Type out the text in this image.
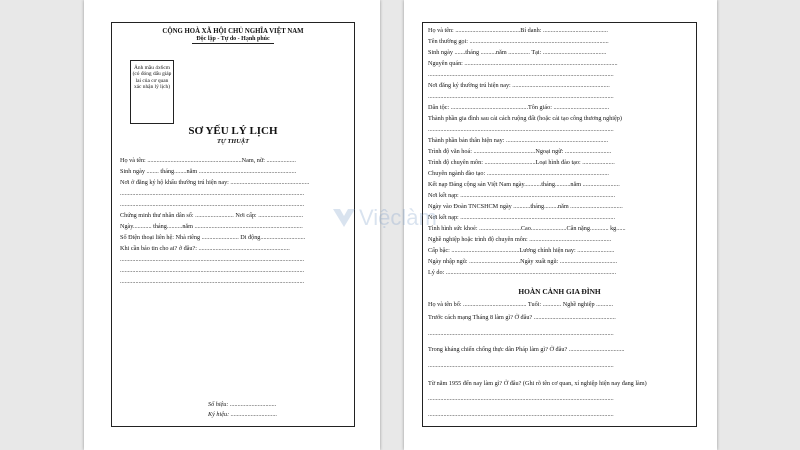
CỘNG HOÀ XÃ HỘI CHỦ NGHĨA VIỆT NAM
Độc lập - Tự do - Hạnh phúc
Ảnh mầu 4x6cm (có đóng dấu giáp lai của cơ quan xác nhận lý lịch)
SƠ YẾU LÝ LỊCH
TỰ THUẬT
Họ và tên: .............................................................Nam, nữ: ...................
Sinh ngày ........ tháng........năm ...............................................................
Nơi ở đăng ký hộ khẩu thường trú hiện nay: ...................................................
.......................................................................................................................
.......................................................................................................................
Chứng minh thư nhân dân số: ......................... Nơi cấp: .............................
Ngày............ tháng..........năm ......................................................................
Số Điện thoại liên hệ: Nhà riêng ........................ Di động.............................
Khi cần báo tin cho ai? ở đâu?: ...........................................................
.......................................................................................................................
.......................................................................................................................
.......................................................................................................................
Số hiệu: ..............................
Ký hiệu: ..............................
Họ và tên: ..........................................Bí danh: ..........................................
Tên thường gọi: ..........................................................................................
Sinh ngày .......tháng ..........năm .............. Tại: .........................................
Nguyên quán: ...................................................................................................
........................................................................................................................
Nơi đăng ký thường trú hiện nay: ...............................................................
........................................................................................................................
Dân tộc: ..................................................Tôn giáo: ....................................
Thành phần gia đình sau cải cách ruộng đất (hoặc cải tạo công thương nghiệp)
........................................................................................................................
Thành phần bản thân hiện nay: ..................................................................
Trình độ văn hoá: ........................................Ngoại ngữ: ..............................
Trình độ chuyên môn: .................................Loại hình đào tạo: .....................
Chuyên ngành đào tạo: ...............................................................................
Kết nạp Đảng cộng sản Việt Nam ngày...........tháng..........năm ........................
Nơi kết nạp: ....................................................................................................
Ngày vào Đoàn TNCSHCM ngày ...........tháng.........năm ..................................
Nơi kết nạp: ....................................................................................................
Tình hình sức khoẻ: ...........................Cao.......................Cân nặng............ kg......
Nghề nghiệp hoặc trình độ chuyên môn: .....................................................
Cấp bậc: ............................................Lương chính hiện nay: ........................
Ngày nhập ngũ: .................................Ngày xuất ngũ: .....................................
Lý do: ..............................................................................................................
HOÀN CẢNH GIA ĐÌNH
Họ và tên bố: ......................................... Tuổi: ............ Nghề nghiệp ...........
Trước cách mạng Tháng 8 làm gì? Ở đâu? .....................................................
........................................................................................................................
Trong kháng chiến chống thực dân Pháp làm gì? Ở đâu? ....................................
........................................................................................................................
Từ năm 1955 đến nay làm gì? Ở đâu? (Ghi rõ tên cơ quan, xí nghiệp hiện nay đang làm)
........................................................................................................................
........................................................................................................................
Việclàm
